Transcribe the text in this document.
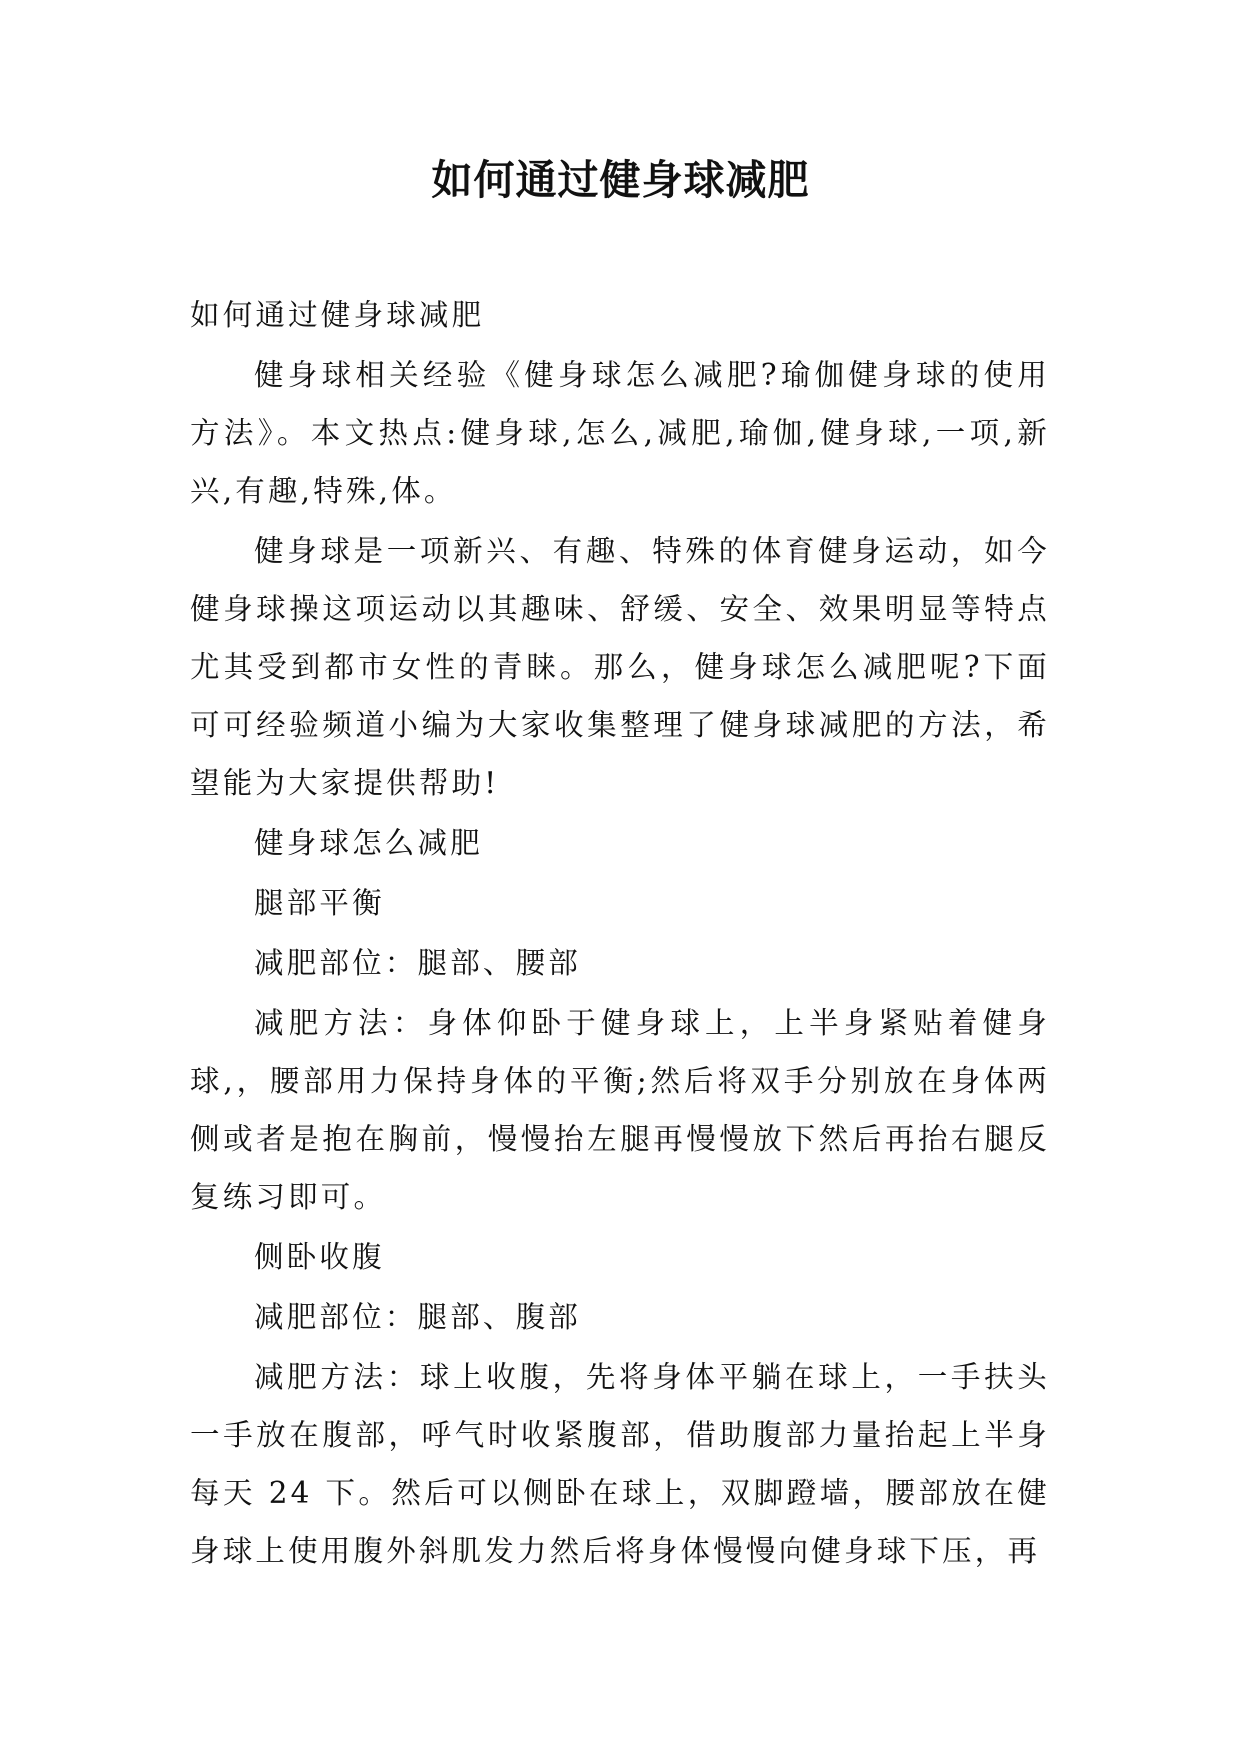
如何通过健身球减肥

如何通过健身球减肥

健身球相关经验《健身球怎么减肥?瑜伽健身球的使用方法》。本文热点:健身球,怎么,减肥,瑜伽,健身球,一项,新兴,有趣,特殊,体。

健身球是一项新兴、有趣、特殊的体育健身运动，如今健身球操这项运动以其趣味、舒缓、安全、效果明显等特点尤其受到都市女性的青睐。那么，健身球怎么减肥呢?下面可可经验频道小编为大家收集整理了健身球减肥的方法，希望能为大家提供帮助!

健身球怎么减肥

腿部平衡

减肥部位：腿部、腰部

减肥方法：身体仰卧于健身球上，上半身紧贴着健身球,，腰部用力保持身体的平衡;然后将双手分别放在身体两侧或者是抱在胸前，慢慢抬左腿再慢慢放下然后再抬右腿反复练习即可。

侧卧收腹

减肥部位：腿部、腹部

减肥方法：球上收腹，先将身体平躺在球上，一手扶头一手放在腹部，呼气时收紧腹部，借助腹部力量抬起上半身每天 24 下。然后可以侧卧在球上，双脚蹬墙，腰部放在健身球上使用腹外斜肌发力然后将身体慢慢向健身球下压，再
